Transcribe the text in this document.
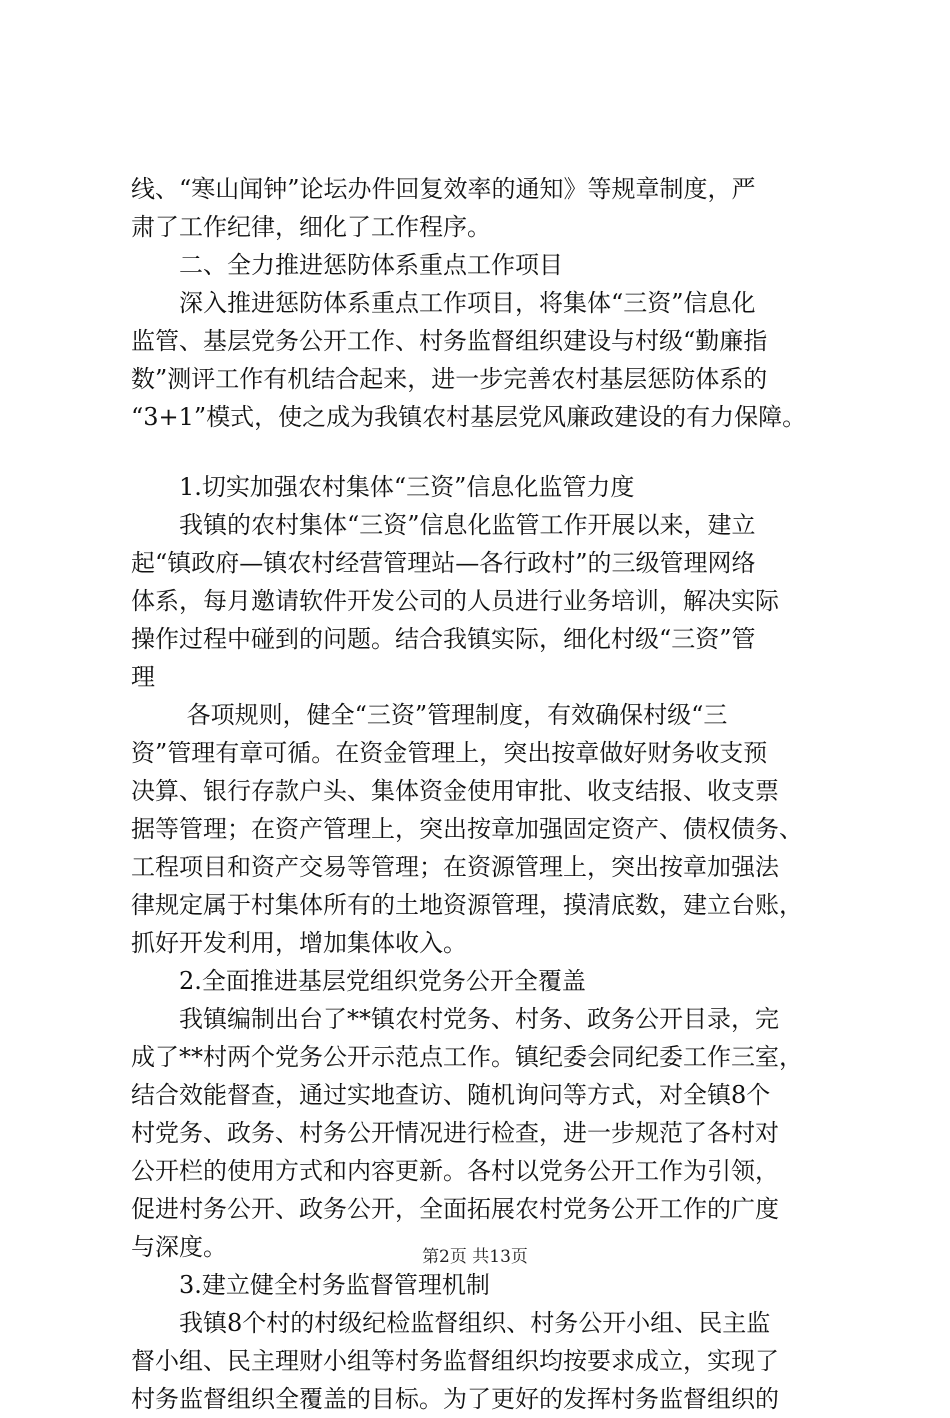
线、“寒山闻钟”论坛办件回复效率的通知》等规章制度，严
肃了工作纪律，细化了工作程序。
　　二、全力推进惩防体系重点工作项目
　　深入推进惩防体系重点工作项目，将集体“三资”信息化
监管、基层党务公开工作、村务监督组织建设与村级“勤廉指
数”测评工作有机结合起来，进一步完善农村基层惩防体系的
“3+1”模式，使之成为我镇农村基层党风廉政建设的有力保障。
　　1.切实加强农村集体“三资”信息化监管力度
　　我镇的农村集体“三资”信息化监管工作开展以来，建立
起“镇政府—镇农村经营管理站—各行政村”的三级管理网络
体系，每月邀请软件开发公司的人员进行业务培训，解决实际
操作过程中碰到的问题。结合我镇实际，细化村级“三资”管
理
　　 各项规则，健全“三资”管理制度，有效确保村级“三
资”管理有章可循。在资金管理上，突出按章做好财务收支预
决算、银行存款户头、集体资金使用审批、收支结报、收支票
据等管理；在资产管理上，突出按章加强固定资产、债权债务、
工程项目和资产交易等管理；在资源管理上，突出按章加强法
律规定属于村集体所有的土地资源管理，摸清底数，建立台账，
抓好开发利用，增加集体收入。
　　2.全面推进基层党组织党务公开全覆盖
　　我镇编制出台了**镇农村党务、村务、政务公开目录，完
成了**村两个党务公开示范点工作。镇纪委会同纪委工作三室，
结合效能督查，通过实地查访、随机询问等方式，对全镇8个
村党务、政务、村务公开情况进行检查，进一步规范了各村对
公开栏的使用方式和内容更新。各村以党务公开工作为引领，
促进村务公开、政务公开，全面拓展农村党务公开工作的广度
与深度。
　　3.建立健全村务监督管理机制
　　我镇8个村的村级纪检监督组织、村务公开小组、民主监
督小组、民主理财小组等村务监督组织均按要求成立，实现了
村务监督组织全覆盖的目标。为了更好的发挥村务监督组织的
第2页 共13页
